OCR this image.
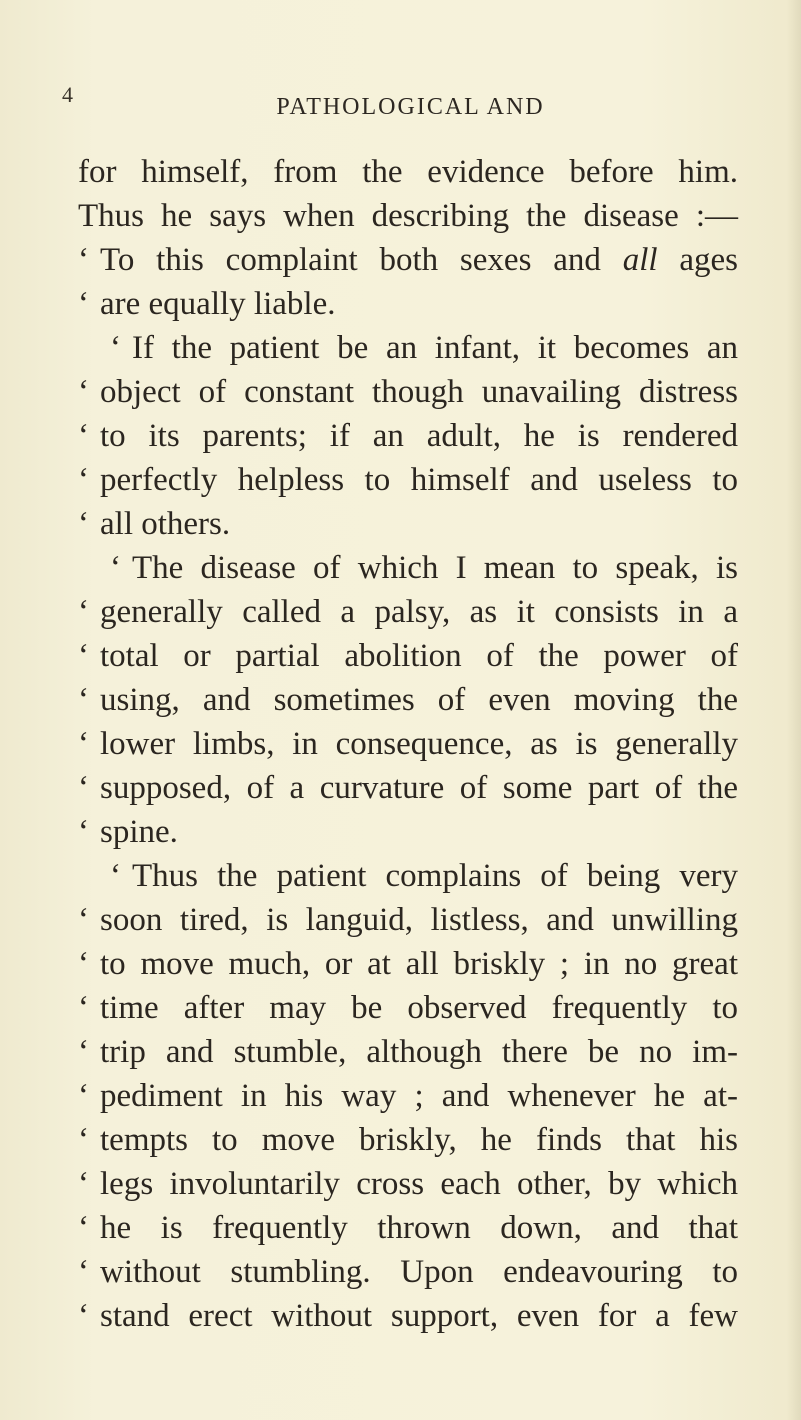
4	PATHOLOGICAL AND
for himself, from the evidence before him.
Thus he says when describing the disease :—
‘ To this complaint both sexes and all ages
‘ are equally liable.
‘ If the patient be an infant, it becomes an
‘ object of constant though unavailing distress
‘ to its parents; if an adult, he is rendered
‘ perfectly helpless to himself and useless to
‘ all others.
‘ The disease of which I mean to speak, is
‘ generally called a palsy, as it consists in a
‘ total or partial abolition of the power of
‘ using, and sometimes of even moving the
‘ lower limbs, in consequence, as is generally
‘ supposed, of a curvature of some part of the
‘ spine.
‘ Thus the patient complains of being very
‘ soon tired, is languid, listless, and unwilling
‘ to move much, or at all briskly ; in no great
‘ time after may be observed frequently to
‘ trip and stumble, although there be no im-
‘ pediment in his way ; and whenever he at-
‘ tempts to move briskly, he finds that his
‘ legs involuntarily cross each other, by which
‘ he is frequently thrown down, and that
‘ without stumbling. Upon endeavouring to
‘ stand erect without support, even for a few
